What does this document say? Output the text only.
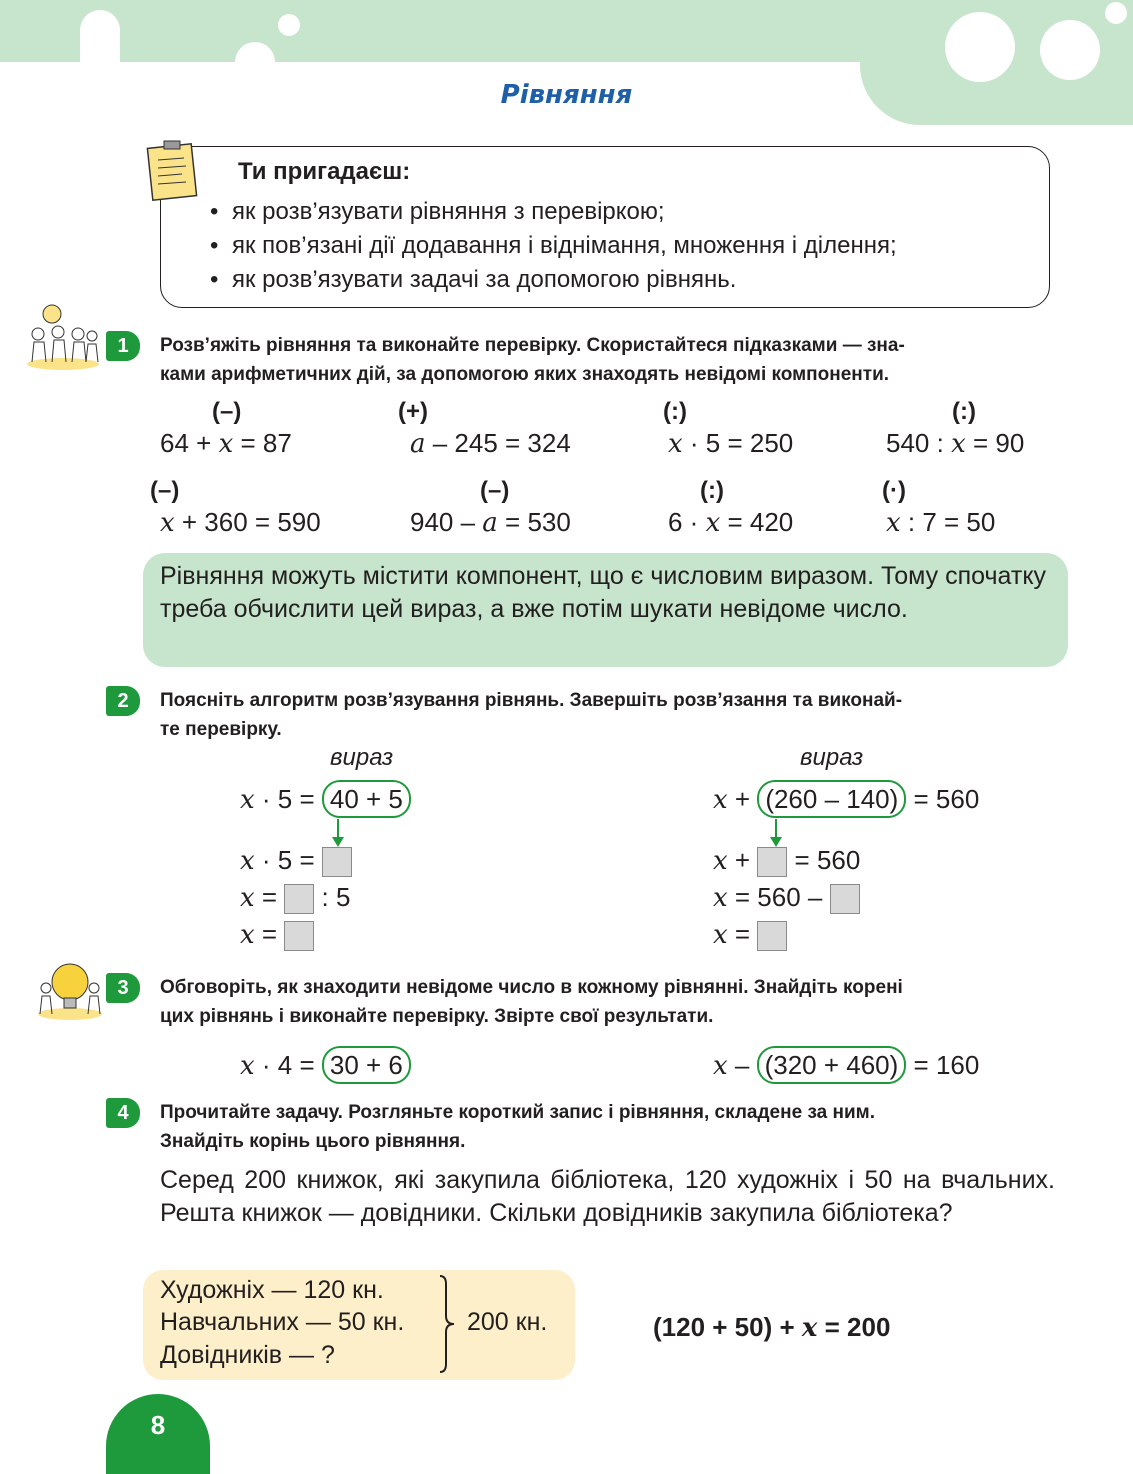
Рівняння
Ти пригадаєш:
• як розв’язувати рівняння з перевіркою;
• як пов’язані дії додавання і віднімання, множення і ділення;
• як розв’язувати задачі за допомогою рівнянь.
1	Розв’яжіть рівняння та виконайте перевірку. Скористайтеся підказками — зна-
ками арифметичних дій, за допомогою яких знаходять невідомі компоненти.
(–)	(+)	(:)	(:)
64 + x = 87	a – 245 = 324	x · 5 = 250	540 : x = 90
(–)	(–)	(:)	(·)
x + 360 = 590	940 – a = 530	6 · x = 420	x : 7 = 50
Рівняння можуть містити компонент, що є числовим виразом. Тому спочатку треба обчислити цей вираз, а вже потім шукати невідоме число.
2	Поясніть алгоритм розв’язування рівнянь. Завершіть розв’язання та виконай-
те перевірку.
вираз	вираз
x · 5 = 40 + 5
x · 5 =
x =  : 5
x =
x + (260 – 140) = 560
x +  = 560
x = 560 –
x =
3	Обговоріть, як знаходити невідоме число в кожному рівнянні. Знайдіть корені
цих рівнянь і виконайте перевірку. Звірте свої результати.
x · 4 = 30 + 6	x – (320 + 460) = 160
4	Прочитайте задачу. Розгляньте короткий запис і рівняння, складене за ним.
Знайдіть корінь цього рівняння.
Серед 200 книжок, які закупила бібліотека, 120 художніх і 50 на вчальних. Решта книжок — довідники. Скільки довідників закупила бібліотека?
Художніх — 120 кн.
Навчальних — 50 кн.
Довідників — ?
200 кн.	(120 + 50) + x = 200
8
